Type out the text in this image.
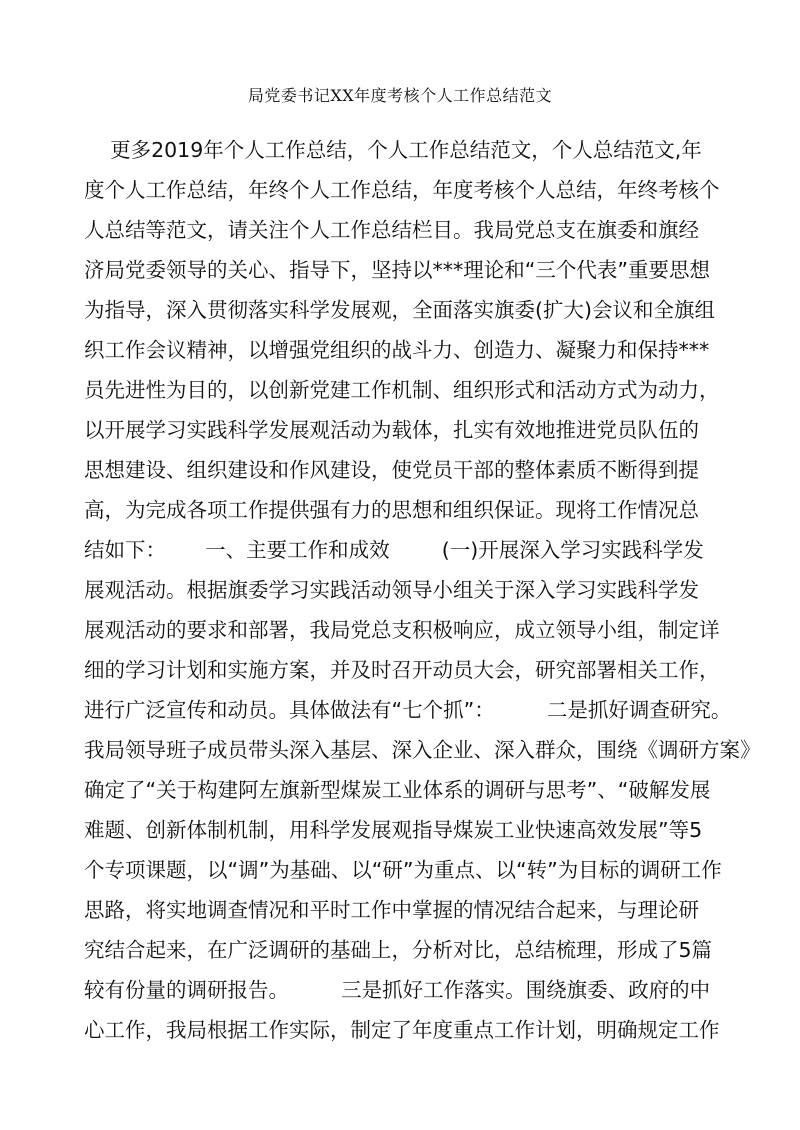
局党委书记XX年度考核个人工作总结范文

更多2019年个人工作总结，个人工作总结范文，个人总结范文,年

度个人工作总结，年终个人工作总结，年度考核个人总结，年终考核个

人总结等范文，请关注个人工作总结栏目。我局党总支在旗委和旗经

济局党委领导的关心、指导下，坚持以***理论和“三个代表”重要思想

为指导，深入贯彻落实科学发展观，全面落实旗委(扩大)会议和全旗组

织工作会议精神，以增强党组织的战斗力、创造力、凝聚力和保持***

员先进性为目的，以创新党建工作机制、组织形式和活动方式为动力，

以开展学习实践科学发展观活动为载体，扎实有效地推进党员队伍的

思想建设、组织建设和作风建设，使党员干部的整体素质不断得到提

高，为完成各项工作提供强有力的思想和组织保证。现将工作情况总

结如下：      一、主要工作和成效        (一)开展深入学习实践科学发

展观活动。根据旗委学习实践活动领导小组关于深入学习实践科学发

展观活动的要求和部署，我局党总支积极响应，成立领导小组，制定详

细的学习计划和实施方案，并及时召开动员大会，研究部署相关工作，

进行广泛宣传和动员。具体做法有“七个抓”：        二是抓好调查研究。

我局领导班子成员带头深入基层、深入企业、深入群众，围绕《调研方案》

确定了“关于构建阿左旗新型煤炭工业体系的调研与思考”、“破解发展

难题、创新体制机制，用科学发展观指导煤炭工业快速高效发展”等5

个专项课题，以“调”为基础、以“研”为重点、以“转”为目标的调研工作

思路，将实地调查情况和平时工作中掌握的情况结合起来，与理论研

究结合起来，在广泛调研的基础上，分析对比，总结梳理，形成了5篇

较有份量的调研报告。        三是抓好工作落实。围绕旗委、政府的中

心工作，我局根据工作实际，制定了年度重点工作计划，明确规定工作
